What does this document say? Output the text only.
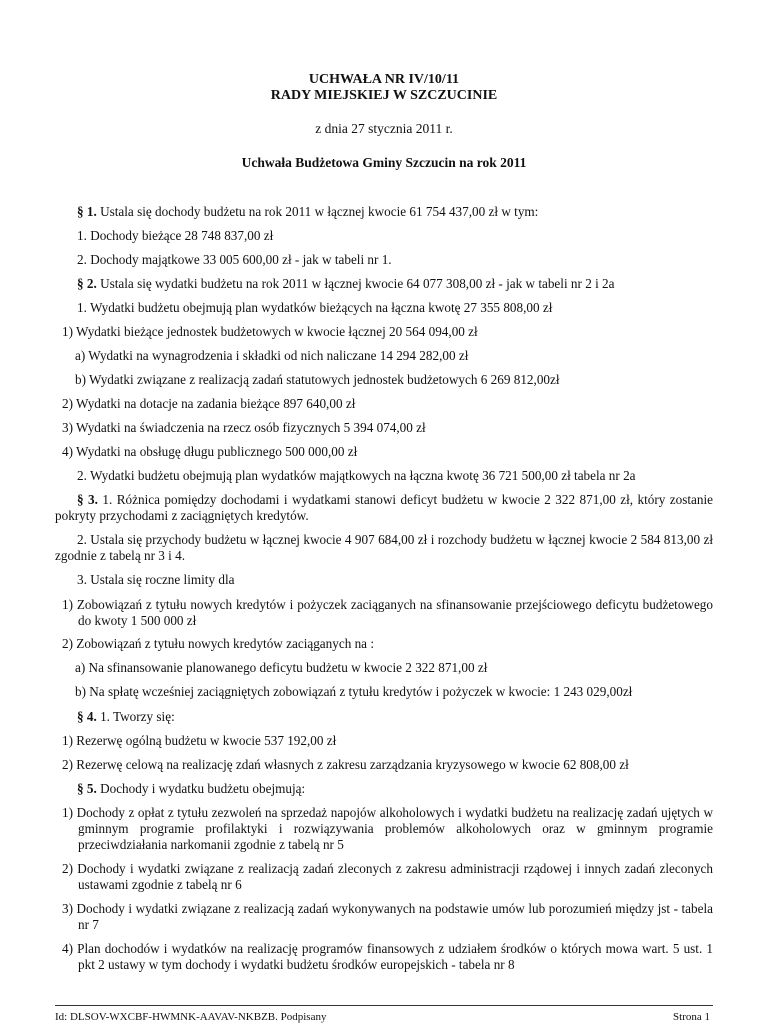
UCHWAŁA NR IV/10/11
RADY MIEJSKIEJ W SZCZUCINIE
z dnia 27 stycznia 2011 r.
Uchwała Budżetowa Gminy Szczucin na rok 2011
§ 1. Ustala się dochody budżetu na rok 2011 w łącznej kwocie 61 754 437,00 zł w tym:
1. Dochody bieżące 28 748 837,00 zł
2. Dochody majątkowe 33 005 600,00 zł - jak w tabeli nr 1.
§ 2. Ustala się wydatki budżetu na rok 2011 w łącznej kwocie 64 077 308,00 zł - jak w tabeli nr 2 i 2a
1. Wydatki budżetu obejmują plan wydatków bieżących na łączna kwotę 27 355 808,00 zł
1) Wydatki bieżące jednostek budżetowych w kwocie łącznej 20 564 094,00 zł
a) Wydatki na wynagrodzenia i składki od nich naliczane 14 294 282,00 zł
b) Wydatki związane z realizacją zadań statutowych jednostek budżetowych 6 269 812,00zł
2) Wydatki na dotacje na zadania bieżące 897 640,00 zł
3) Wydatki na świadczenia na rzecz osób fizycznych 5 394 074,00 zł
4) Wydatki na obsługę długu publicznego 500 000,00 zł
2. Wydatki budżetu obejmują plan wydatków majątkowych na łączna kwotę 36 721 500,00 zł tabela nr 2a
§ 3. 1. Różnica pomiędzy dochodami i wydatkami stanowi deficyt budżetu w kwocie 2 322 871,00 zł, który zostanie pokryty przychodami z zaciągniętych kredytów.
2. Ustala się przychody budżetu w łącznej kwocie 4 907 684,00 zł i rozchody budżetu w łącznej kwocie 2 584 813,00 zł zgodnie z tabelą nr 3 i 4.
3. Ustala się roczne limity dla
1) Zobowiązań z tytułu nowych kredytów i pożyczek zaciąganych na sfinansowanie przejściowego deficytu budżetowego do kwoty 1 500 000 zł
2) Zobowiązań z tytułu nowych kredytów zaciąganych na :
a) Na sfinansowanie planowanego deficytu budżetu w kwocie 2 322 871,00 zł
b) Na spłatę wcześniej zaciągniętych zobowiązań z tytułu kredytów i pożyczek w kwocie: 1 243 029,00zł
§ 4. 1. Tworzy się:
1) Rezerwę ogólną budżetu w kwocie 537 192,00 zł
2) Rezerwę celową na realizację zdań własnych z zakresu zarządzania kryzysowego w kwocie 62 808,00 zł
§ 5. Dochody i wydatku budżetu obejmują:
1) Dochody z opłat z tytułu zezwoleń na sprzedaż napojów alkoholowych i wydatki budżetu na realizację zadań ujętych w gminnym programie profilaktyki i rozwiązywania problemów alkoholowych oraz w gminnym programie przeciwdziałania narkomanii zgodnie z tabelą nr 5
2) Dochody i wydatki związane z realizacją zadań zleconych z zakresu administracji rządowej i innych zadań zleconych ustawami zgodnie z tabelą nr 6
3) Dochody i wydatki związane z realizacją zadań wykonywanych na podstawie umów lub porozumień między jst - tabela nr 7
4) Plan dochodów i wydatków na realizację programów finansowych z udziałem środków o których mowa wart. 5 ust. 1 pkt 2 ustawy w tym dochody i wydatki budżetu środków europejskich - tabela nr 8
Id: DLSOV-WXCBF-HWMNK-AAVAV-NKBZB. Podpisany	Strona 1
